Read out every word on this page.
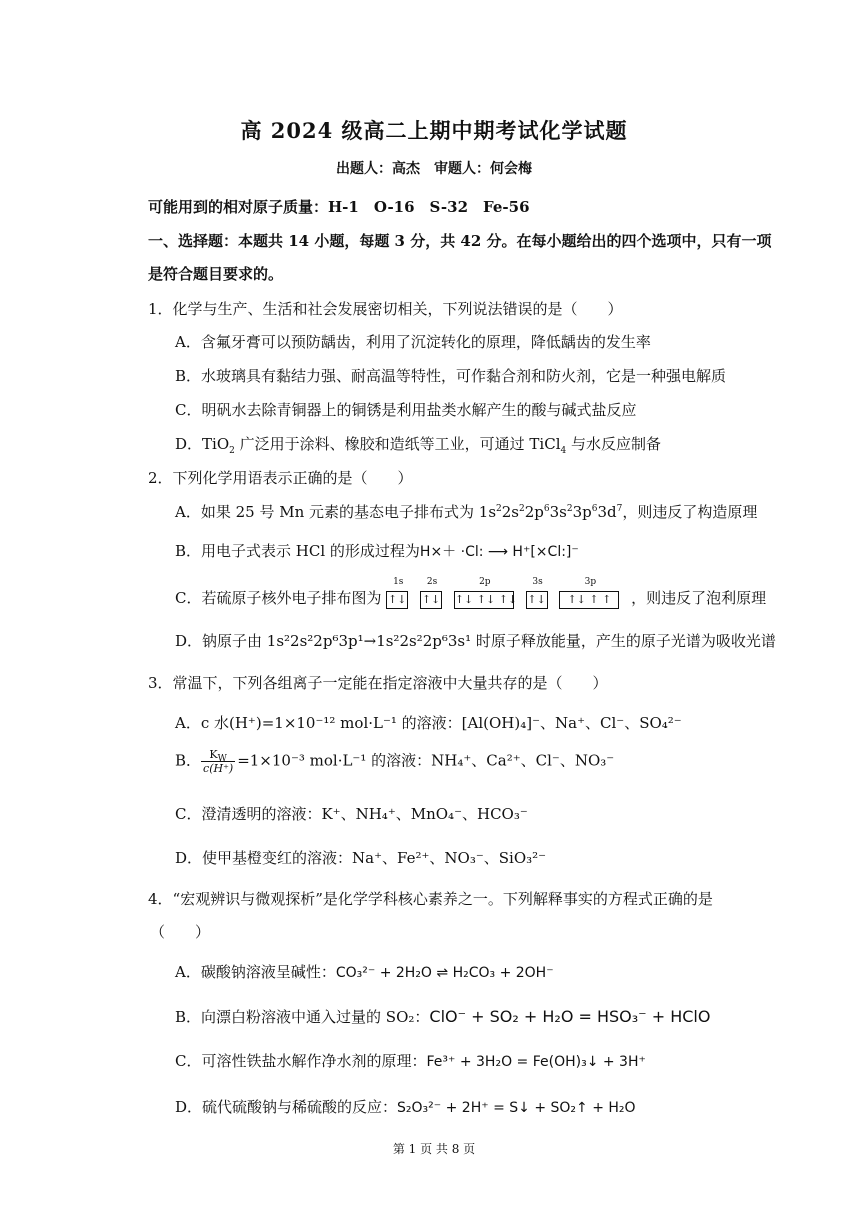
高 2024 级高二上期中期考试化学试题
出题人：高杰　审题人：何会梅
可能用到的相对原子质量：H-1　O-16　S-32　Fe-56
一、选择题：本题共 14 小题，每题 3 分，共 42 分。在每小题给出的四个选项中，只有一项
是符合题目要求的。
1．化学与生产、生活和社会发展密切相关，下列说法错误的是（　　）
A．含氟牙膏可以预防龋齿，利用了沉淀转化的原理，降低龋齿的发生率
B．水玻璃具有黏结力强、耐高温等特性，可作黏合剂和防火剂，它是一种强电解质
C．明矾水去除青铜器上的铜锈是利用盐类水解产生的酸与碱式盐反应
D．TiO$_2$ 广泛用于涂料、橡胶和造纸等工业，可通过 TiCl$_4$ 与水反应制备
2．下列化学用语表示正确的是（　　）
A．如果 25 号 Mn 元素的基态电子排布式为 $1s^22s^22p^63s^23p^63d^7$，则违反了构造原理
B．用电子式表示 HCl 的形成过程为H×＋ ·Cl: ⟶ H⁺[×Cl:]⁻
C．若硫原子核外电子排布图为
1s
↑↓
2s
↑↓
2p
↑↓ ↑↓ ↑↓
3s
↑↓
3p
↑↓ ↑ ↑ ，则违反了泡利原理
D．钠原子由 1s²2s²2p⁶3p¹→1s²2s²2p⁶3s¹ 时原子释放能量，产生的原子光谱为吸收光谱
3．常温下，下列各组离子一定能在指定溶液中大量共存的是（　　）
A．c 水(H⁺)=1×10⁻¹² mol·L⁻¹ 的溶液：[Al(OH)₄]⁻、Na⁺、Cl⁻、SO₄²⁻
B． $\frac{K_W}{c(H^+)} =1\times 10^{-3}$ mol·L⁻¹ 的溶液：NH₄⁺、Ca²⁺、Cl⁻、NO₃⁻
C．澄清透明的溶液：K⁺、NH₄⁺、MnO₄⁻、HCO₃⁻
D．使甲基橙变红的溶液：Na⁺、Fe²⁺、NO₃⁻、SiO₃²⁻
4．“宏观辨识与微观探析”是化学学科核心素养之一。下列解释事实的方程式正确的是
（　　）
A．碳酸钠溶液呈碱性：CO₃²⁻ + 2H₂O ⇌ H₂CO₃ + 2OH⁻
B．向漂白粉溶液中通入过量的 SO₂：ClO⁻ + SO₂ + H₂O = HSO₃⁻ + HClO
C．可溶性铁盐水解作净水剂的原理：Fe³⁺ + 3H₂O = Fe(OH)₃↓ + 3H⁺
D．硫代硫酸钠与稀硫酸的反应：S₂O₃²⁻ + 2H⁺ = S↓ + SO₂↑ + H₂O
第 1 页 共 8 页
